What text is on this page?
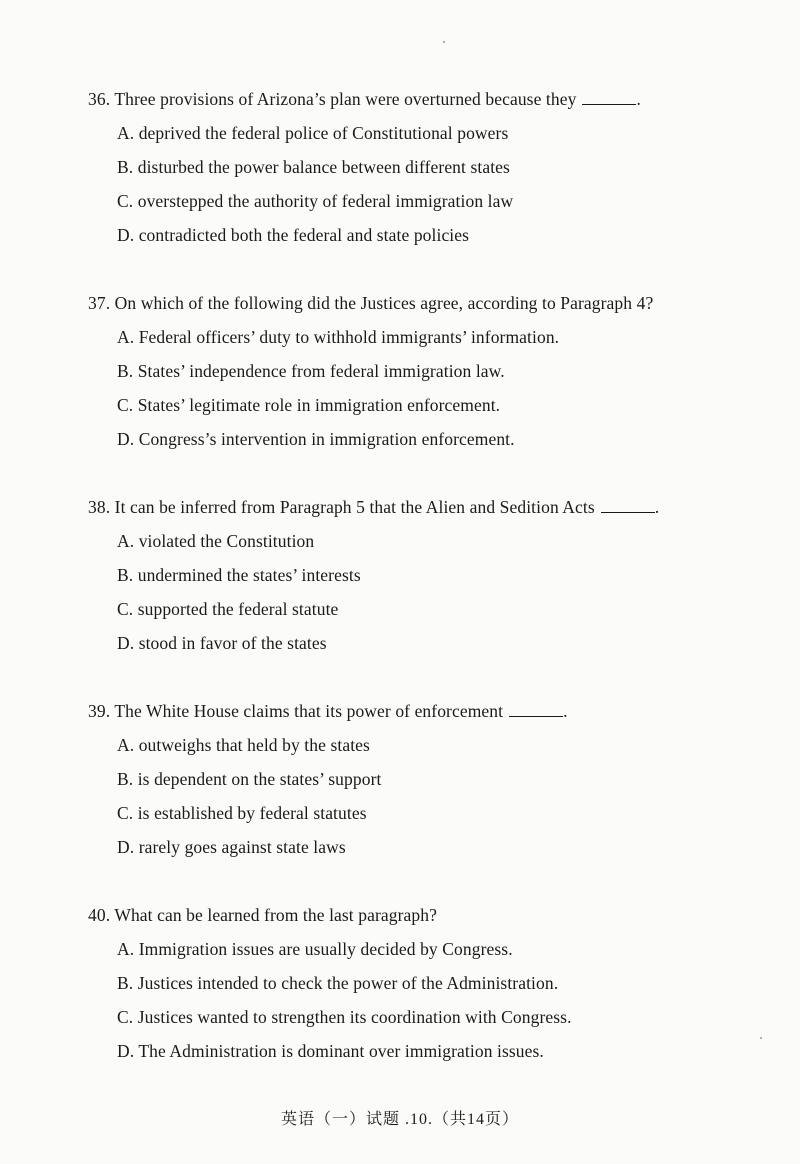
36. Three provisions of Arizona’s plan were overturned because they	.
A. deprived the federal police of Constitutional powers
B. disturbed the power balance between different states
C. overstepped the authority of federal immigration law
D. contradicted both the federal and state policies
37. On which of the following did the Justices agree, according to Paragraph 4?
A. Federal officers’ duty to withhold immigrants’ information.
B. States’ independence from federal immigration law.
C. States’ legitimate role in immigration enforcement.
D. Congress’s intervention in immigration enforcement.
38. It can be inferred from Paragraph 5 that the Alien and Sedition Acts	.
A. violated the Constitution
B. undermined the states’ interests
C. supported the federal statute
D. stood in favor of the states
39. The White House claims that its power of enforcement	.
A. outweighs that held by the states
B. is dependent on the states’ support
C. is established by federal statutes
D. rarely goes against state laws
40. What can be learned from the last paragraph?
A. Immigration issues are usually decided by Congress.
B. Justices intended to check the power of the Administration.
C. Justices wanted to strengthen its coordination with Congress.
D. The Administration is dominant over immigration issues.
英语（一）试题 .10.（共14页）
